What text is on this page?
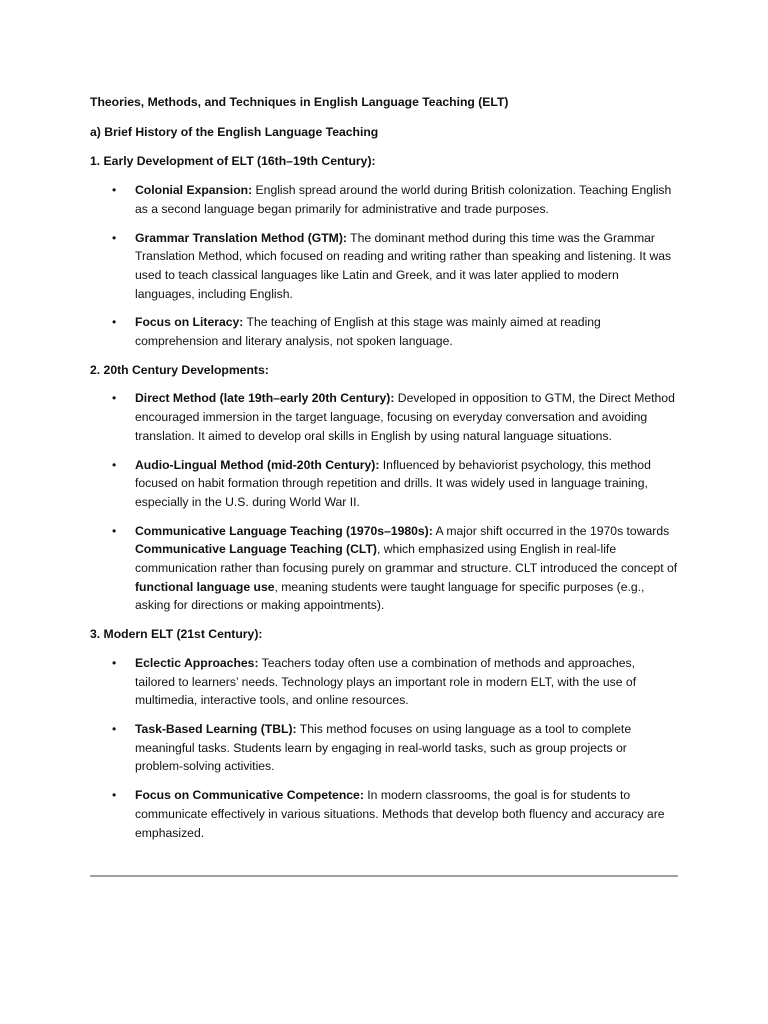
Theories, Methods, and Techniques in English Language Teaching (ELT)

a) Brief History of the English Language Teaching

1. Early Development of ELT (16th–19th Century):

• Colonial Expansion: English spread around the world during British colonization. Teaching English as a second language began primarily for administrative and trade purposes.
• Grammar Translation Method (GTM): The dominant method during this time was the Grammar Translation Method, which focused on reading and writing rather than speaking and listening. It was used to teach classical languages like Latin and Greek, and it was later applied to modern languages, including English.
• Focus on Literacy: The teaching of English at this stage was mainly aimed at reading comprehension and literary analysis, not spoken language.

2. 20th Century Developments:

• Direct Method (late 19th–early 20th Century): Developed in opposition to GTM, the Direct Method encouraged immersion in the target language, focusing on everyday conversation and avoiding translation. It aimed to develop oral skills in English by using natural language situations.
• Audio-Lingual Method (mid-20th Century): Influenced by behaviorist psychology, this method focused on habit formation through repetition and drills. It was widely used in language training, especially in the U.S. during World War II.
• Communicative Language Teaching (1970s–1980s): A major shift occurred in the 1970s towards Communicative Language Teaching (CLT), which emphasized using English in real-life communication rather than focusing purely on grammar and structure. CLT introduced the concept of functional language use, meaning students were taught language for specific purposes (e.g., asking for directions or making appointments).

3. Modern ELT (21st Century):

• Eclectic Approaches: Teachers today often use a combination of methods and approaches, tailored to learners’ needs. Technology plays an important role in modern ELT, with the use of multimedia, interactive tools, and online resources.
• Task-Based Learning (TBL): This method focuses on using language as a tool to complete meaningful tasks. Students learn by engaging in real-world tasks, such as group projects or problem-solving activities.
• Focus on Communicative Competence: In modern classrooms, the goal is for students to communicate effectively in various situations. Methods that develop both fluency and accuracy are emphasized.
